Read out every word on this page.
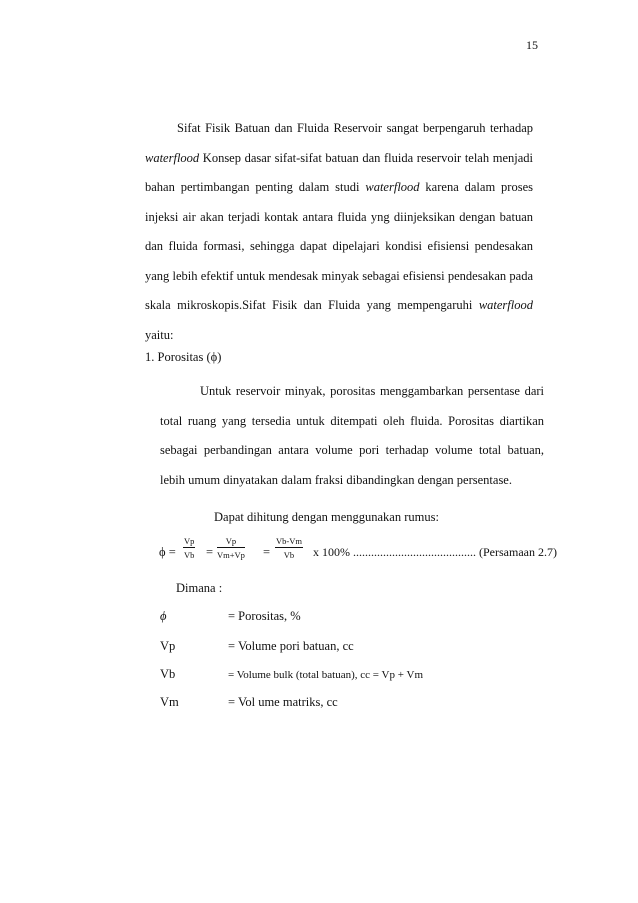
15
Sifat Fisik Batuan dan Fluida Reservoir sangat berpengaruh terhadap
waterflood Konsep dasar sifat-sifat batuan dan fluida reservoir telah menjadi
bahan pertimbangan penting dalam studi waterflood karena dalam proses
injeksi air akan terjadi kontak antara fluida yng diinjeksikan dengan batuan
dan fluida formasi, sehingga dapat dipelajari kondisi efisiensi pendesakan
yang lebih efektif untuk mendesak minyak sebagai efisiensi pendesakan pada
skala mikroskopis.Sifat Fisik dan Fluida yang mempengaruhi waterflood
yaitu:
1. Porositas (ϕ)
Untuk reservoir minyak, porositas menggambarkan persentase dari
total ruang yang tersedia untuk ditempati oleh fluida. Porositas diartikan
sebagai perbandingan antara volume pori terhadap volume total batuan,
lebih umum dinyatakan dalam fraksi dibandingkan dengan persentase.
Dapat dihitung dengan menggunakan rumus:
$\phi = \frac{Vp}{Vb} = \frac{Vp}{Vm+Vp} = \frac{Vb-Vm}{Vb}$ x 100% ......................................... (Persamaan 2.7)
Dimana :
ϕ	= Porositas, %
Vp	= Volume pori batuan, cc
Vb	= Volume bulk (total batuan), cc = Vp + Vm
Vm	= Vol ume matriks, cc
